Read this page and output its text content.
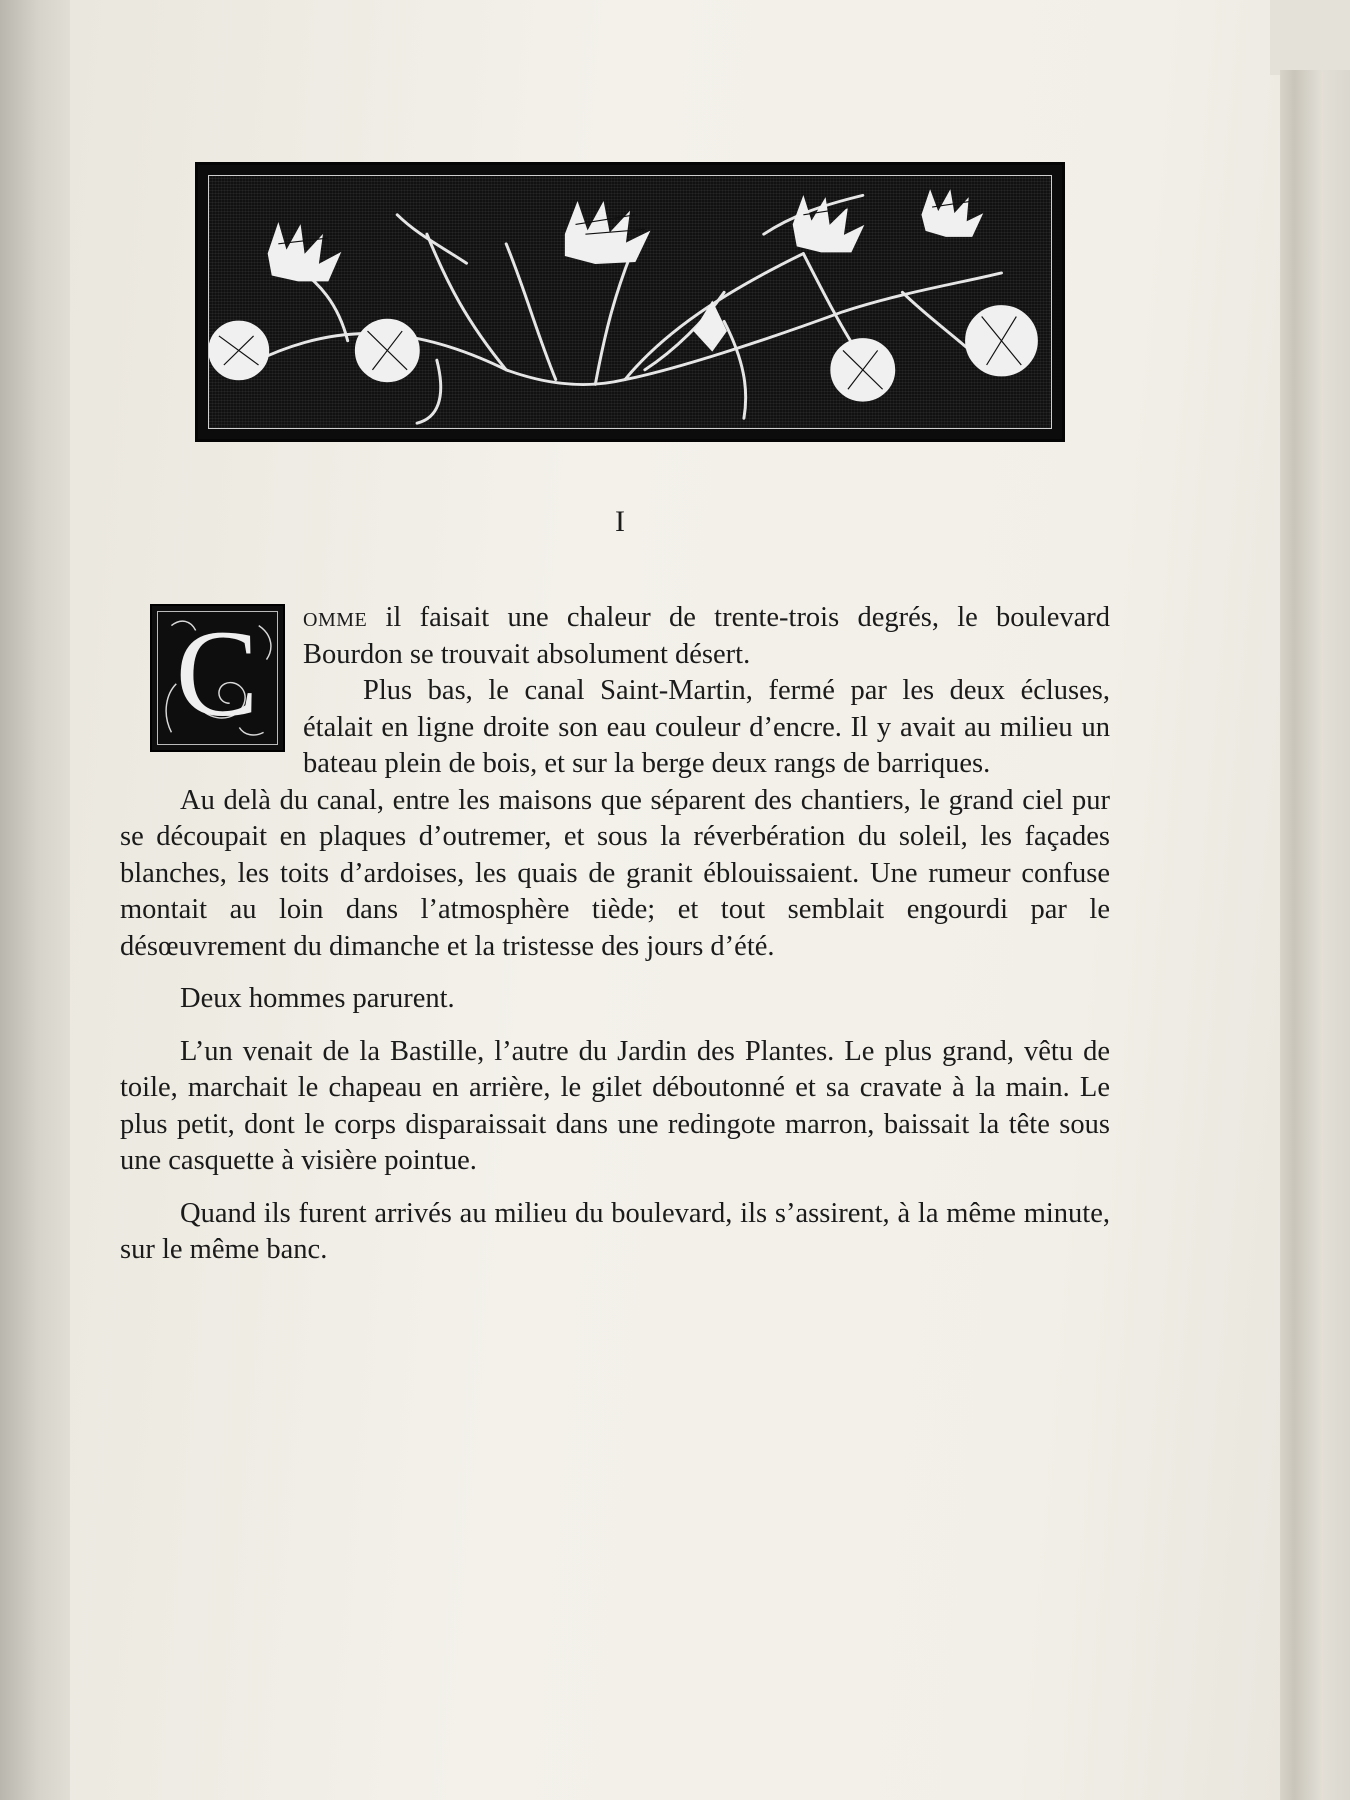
I
C	omme il faisait une chaleur de trente-trois degrés, le boulevard Bourdon se trouvait absolument désert.

Plus bas, le canal Saint-Martin, fermé par les deux écluses, étalait en ligne droite son eau couleur d’encre. Il y avait au milieu un bateau plein de bois, et sur la berge deux rangs de barriques.

Au delà du canal, entre les maisons que séparent des chantiers, le grand ciel pur se découpait en plaques d’outremer, et sous la réverbération du soleil, les façades blanches, les toits d’ardoises, les quais de granit éblouissaient. Une rumeur confuse montait au loin dans l’atmosphère tiède; et tout semblait engourdi par le désœuvrement du dimanche et la tristesse des jours d’été.

Deux hommes parurent.

L’un venait de la Bastille, l’autre du Jardin des Plantes. Le plus grand, vêtu de toile, marchait le chapeau en arrière, le gilet déboutonné et sa cravate à la main. Le plus petit, dont le corps disparaissait dans une redingote marron, baissait la tête sous une casquette à visière pointue.

Quand ils furent arrivés au milieu du boulevard, ils s’assirent, à la même minute, sur le même banc.
